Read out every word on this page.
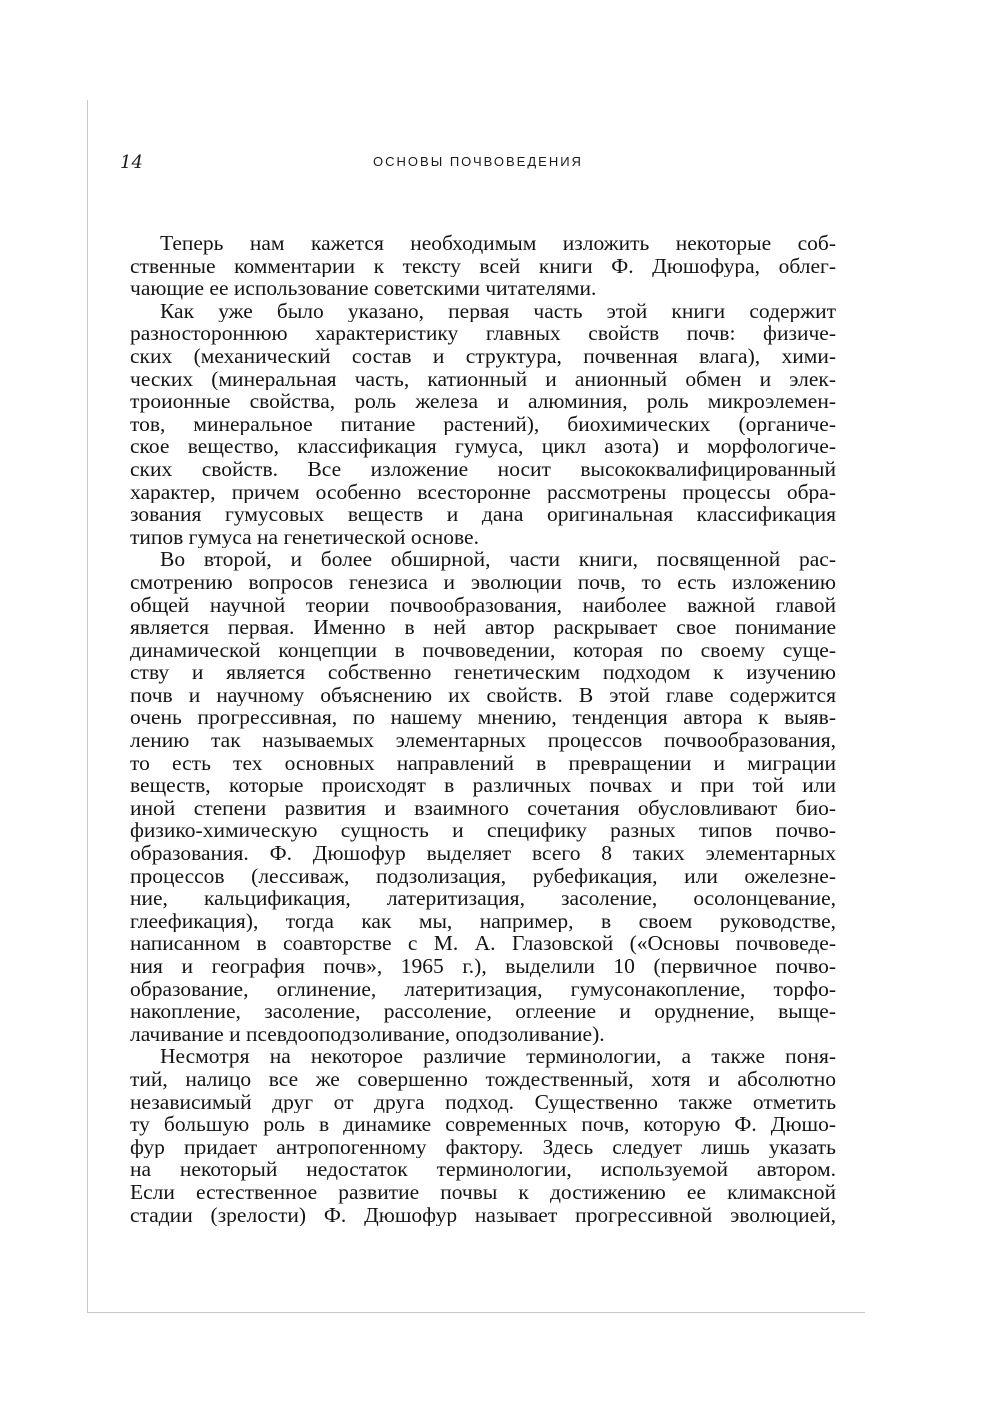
14	ОСНОВЫ ПОЧВОВЕДЕНИЯ
Теперь нам кажется необходимым изложить некоторые соб-
ственные комментарии к тексту всей книги Ф. Дюшофура, облег-
чающие ее использование советскими читателями.
Как уже было указано, первая часть этой книги содержит
разностороннюю характеристику главных свойств почв: физиче-
ских (механический состав и структура, почвенная влага), хими-
ческих (минеральная часть, катионный и анионный обмен и элек-
троионные свойства, роль железа и алюминия, роль микроэлемен-
тов, минеральное питание растений), биохимических (органиче-
ское вещество, классификация гумуса, цикл азота) и морфологиче-
ских свойств. Все изложение носит высококвалифицированный
характер, причем особенно всесторонне рассмотрены процессы обра-
зования гумусовых веществ и дана оригинальная классификация
типов гумуса на генетической основе.
Во второй, и более обширной, части книги, посвященной рас-
смотрению вопросов генезиса и эволюции почв, то есть изложению
общей научной теории почвообразования, наиболее важной главой
является первая. Именно в ней автор раскрывает свое понимание
динамической концепции в почвоведении, которая по своему суще-
ству и является собственно генетическим подходом к изучению
почв и научному объяснению их свойств. В этой главе содержится
очень прогрессивная, по нашему мнению, тенденция автора к выяв-
лению так называемых элементарных процессов почвообразования,
то есть тех основных направлений в превращении и миграции
веществ, которые происходят в различных почвах и при той или
иной степени развития и взаимного сочетания обусловливают био-
физико-химическую сущность и специфику разных типов почво-
образования. Ф. Дюшофур выделяет всего 8 таких элементарных
процессов (лессиваж, подзолизация, рубефикация, или ожелезне-
ние, кальцификация, латеритизация, засоление, осолонцевание,
глеефикация), тогда как мы, например, в своем руководстве,
написанном в соавторстве с М. А. Глазовской («Основы почвоведе-
ния и география почв», 1965 г.), выделили 10 (первичное почво-
образование, оглинение, латеритизация, гумусонакопление, торфо-
накопление, засоление, рассоление, оглеение и оруднение, выще-
лачивание и псевдооподзоливание, оподзоливание).
Несмотря на некоторое различие терминологии, а также поня-
тий, налицо все же совершенно тождественный, хотя и абсолютно
независимый друг от друга подход. Существенно также отметить
ту большую роль в динамике современных почв, которую Ф. Дюшо-
фур придает антропогенному фактору. Здесь следует лишь указать
на некоторый недостаток терминологии, используемой автором.
Если естественное развитие почвы к достижению ее климаксной
стадии (зрелости) Ф. Дюшофур называет прогрессивной эволюцией,
